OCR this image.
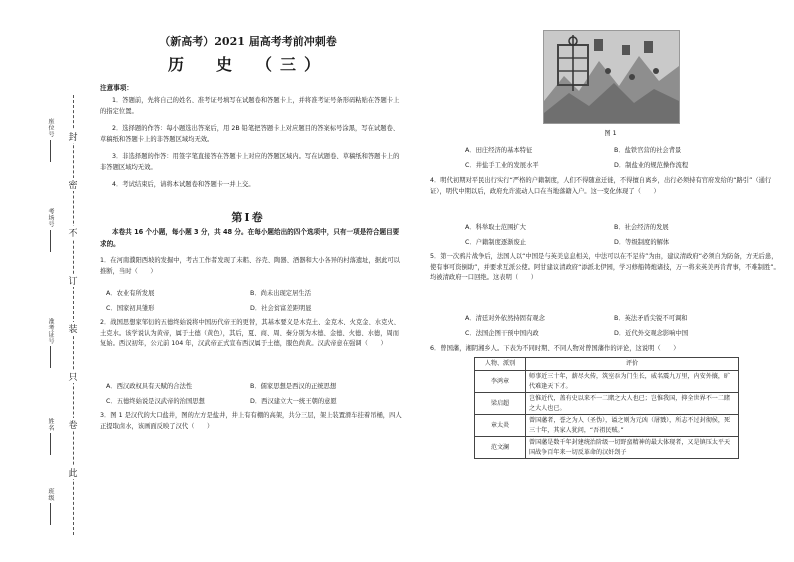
封
密
不
订
装
只
卷
此
座位号
考场号
准考证号
姓名
班级
（新高考）2021 届高考考前冲刺卷
历　史　（三）
注意事项：
1．答题前，先将自己的姓名、准考证号填写在试题卷和答题卡上，并将准考证号条形码粘贴在答题卡上的指定位置。
2．选择题的作答：每小题选出答案后，用 2B 铅笔把答题卡上对应题目的答案标号涂黑，写在试题卷、草稿纸和答题卡上的非答题区域均无效。
3．非选择题的作答：用签字笔直接答在答题卡上对应的答题区域内。写在试题卷、草稿纸和答题卡上的非答题区域均无效。
4．考试结束后，请将本试题卷和答题卡一并上交。
第Ⅰ卷
本卷共 16 个小题，每小题 3 分，共 48 分。在每小题给出的四个选项中，只有一项是符合题目要求的。
1．在河南濮阳西坡的发掘中，考古工作者发现了未耜、谷壳、陶器、酒器和大小各异的村落遗址，据此可以推断，当时（　　）
A．农业有所发展	B．尚未出现定居生活
C．国家初具雏形	D．社会贫富差距明显
2．战国思想家邹衍的五德终始说将中国历代帝王的更替，其基本要义是木克土、金克木、火克金、水克火、土克水。该学说认为黄帝，属于土德（黄色），其后，夏、商、周、秦分别为木德、金德、火德、水德，周而复始。西汉初年，公元前 104 年，汉武帝正式宣布西汉属于土德，服色尚黄。汉武帝意在强调（　　）
A．西汉政权具有天赋的合法性	B．儒家思想是西汉的正统思想
C．五德终始说是汉武帝的治国思想	D．西汉建立大一统王朝的意愿
3．图 1 是汉代的大口盐井，图的左方是盐井，井上有有棚的高架，共分三层，架上装置滑车挂着吊桶，四人正提取卤水，该画面反映了汉代（　　）
图 1
A．田庄经济的基本特征	B．盐铁官营的社会背景
C．井盐手工业的发展水平	D．制盐业的规范操作流程
4．明代初期对平民出行实行“严格的户籍制度，人们不得随意迁徙，不得擅自离乡，出行必须持有官府发给的“路引”（通行证），明代中期以后，政府允许流动人口在当地落籍入户。这一变化体现了（　　）
A．科举取士范围扩大	B．社会经济的发展
C．户籍制度逐渐废止	D．等级制度的解体
5．第一次鸦片战争后，法国人以“中国是与英美息息相关，中法可以在不足待”为由，建议清政府“必须自为防备，方无后患，使有事可资倒助”，并要求互派公使。阿甘建议清政府“添派北伊园，学习修船铸炮诸技，万一将来英美再肯背事，不难制胜”。均被清政府一口回绝。这表明（　　）
A．清廷对外依然持固有观念	B．英法矛盾尖锐不可调和
C．法国企图干预中国内政	D．近代外交观念影响中国
6．曾国藩，湘阴湘乡人。下表为不同时期、不同人物对曾国藩作的评论，这说明（　　）
人物、派别	评价
李鸿章	师事近三十年，薪尽火传，筑室忝为门生长，威名震九万里，内安外攘，旷代难逢天下才。
梁启超	岂惟近代，盖有史以来不一二睹之大人也已；岂惟我国，抑全世界不一二睹之大人也已。
章太炎	曾国藩者，誉之为人（圣伪），谥之则为元凶（屠戮），所志不过封彻侯，死三十年，其家人犹问，“吾祖民贼。”
范文澜	曾国藩是数千年封建统治阶级一切野蛮精神的最大体现者，又是镇压太平天国战争百年来一切反革命的汉奸刽子
